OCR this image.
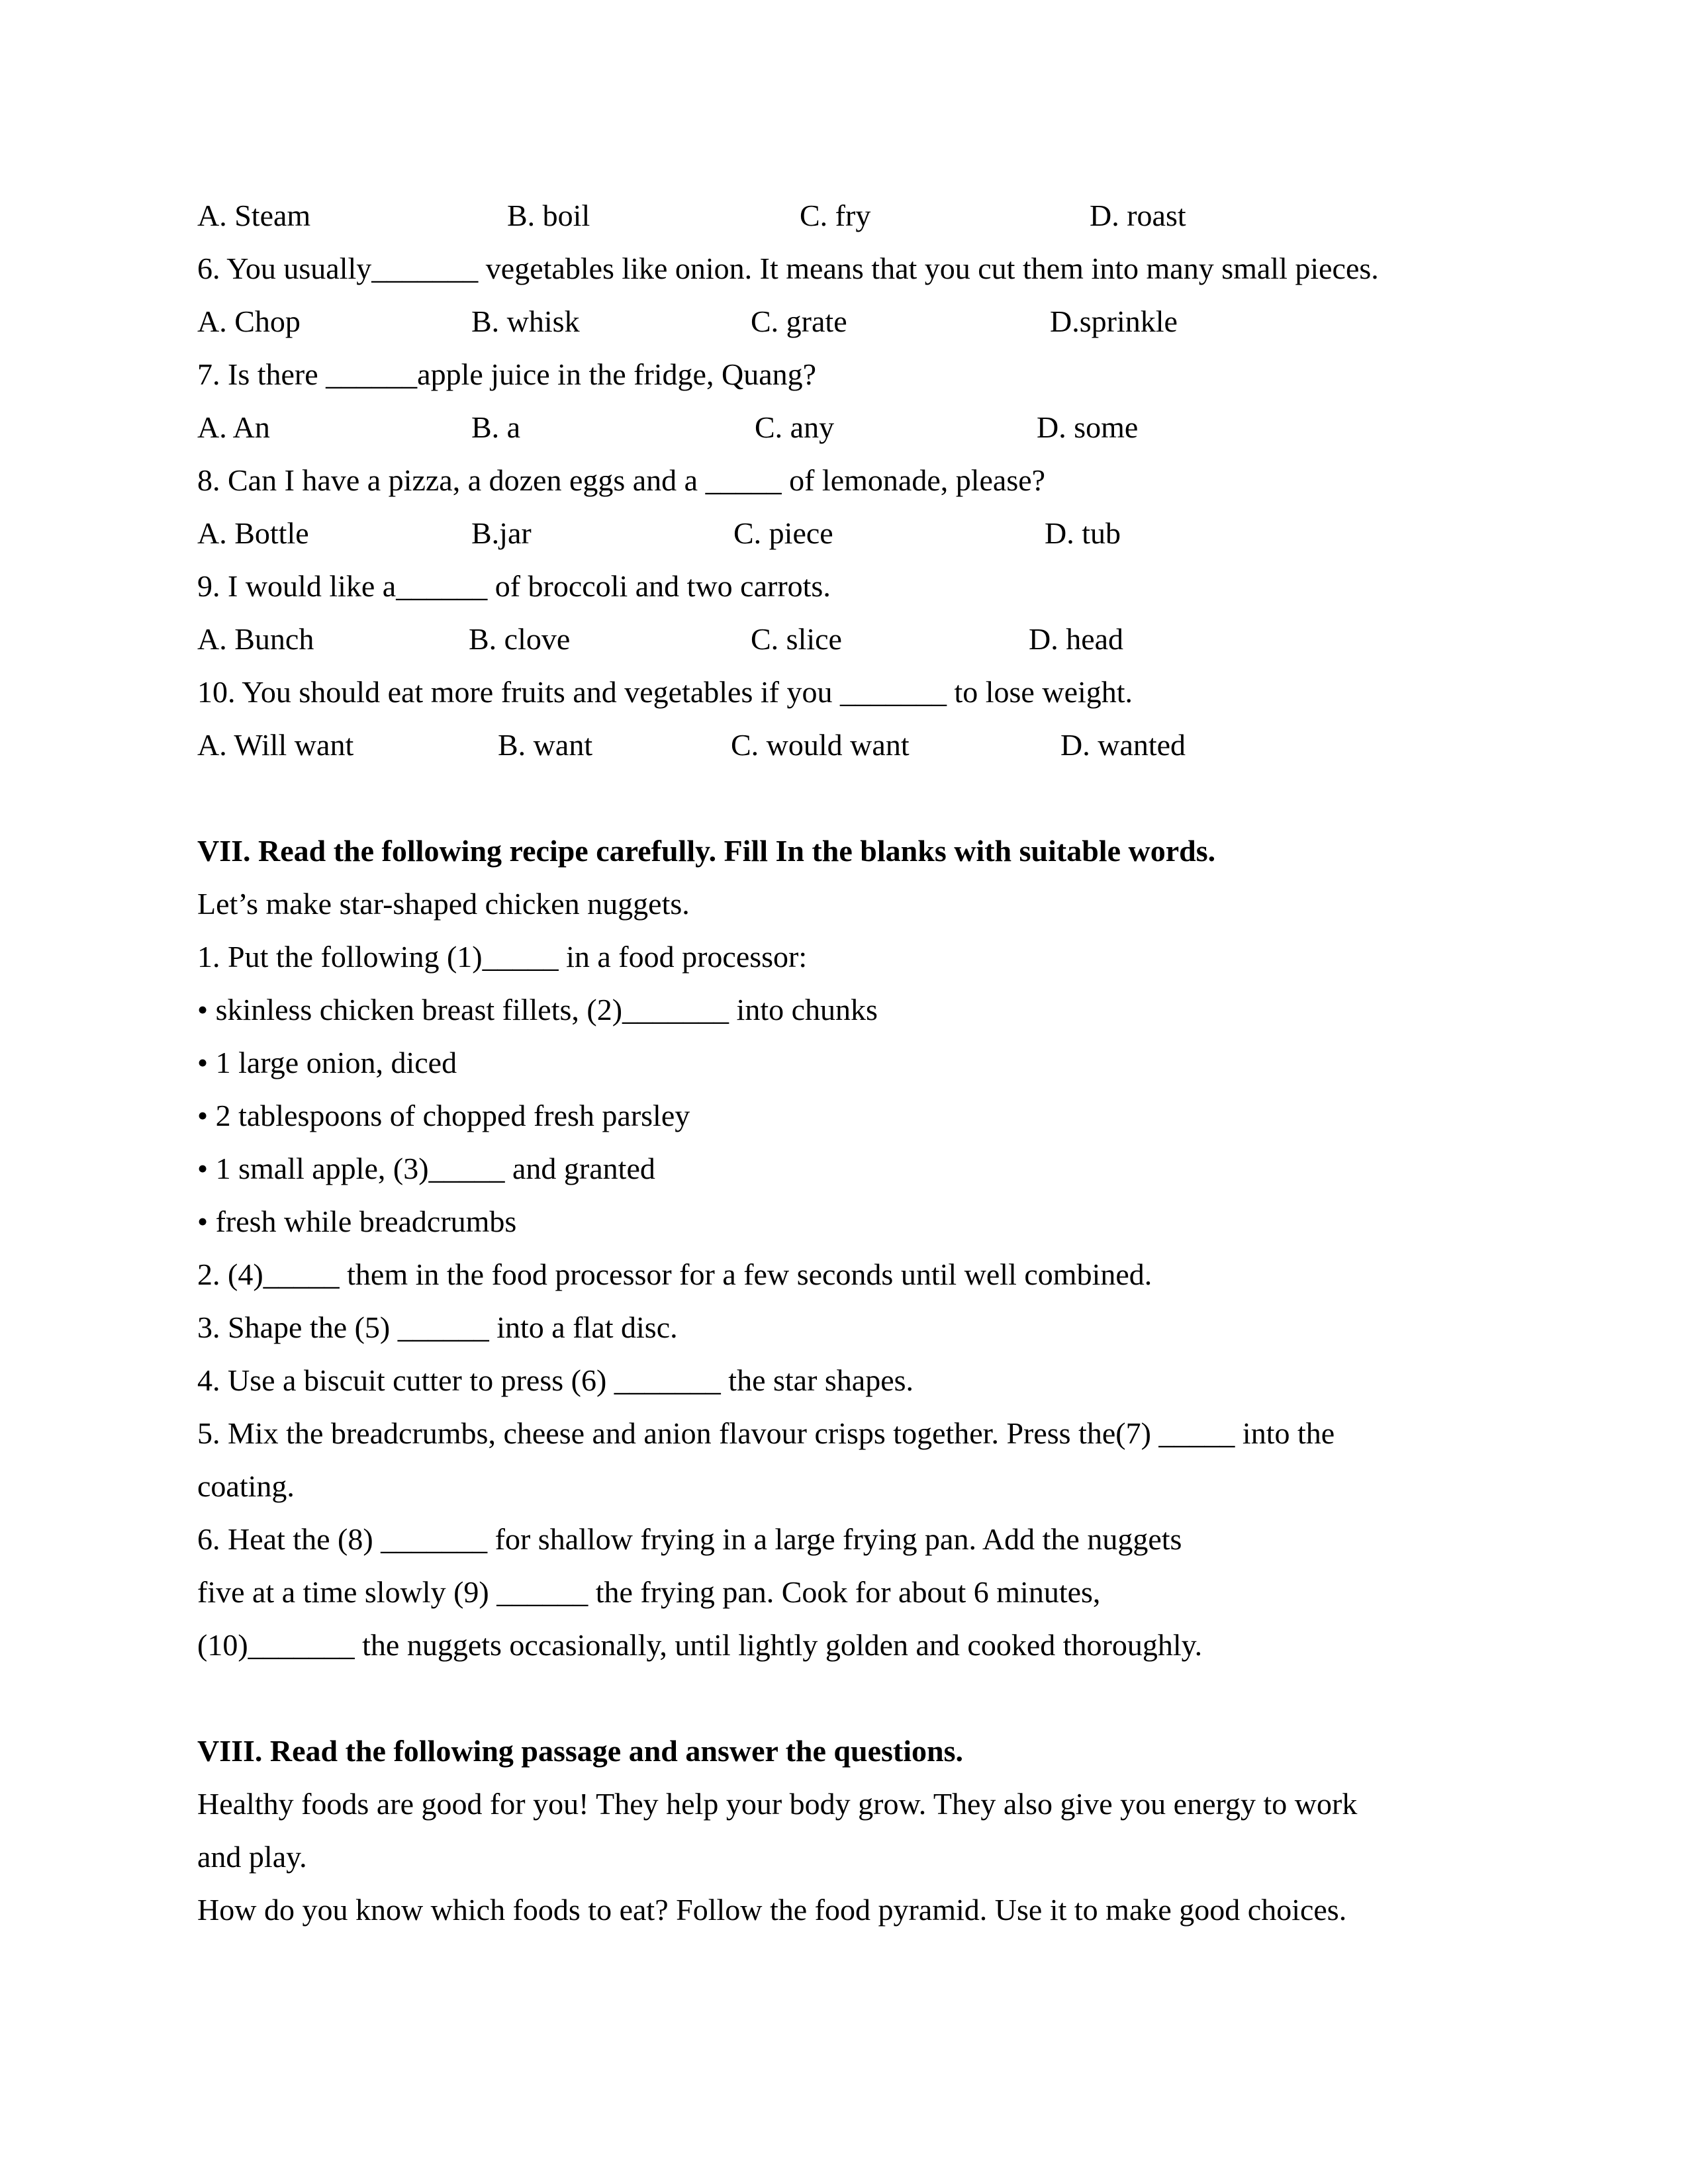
A. Steam	B. boil	C. fry	D. roast
6. You usually_______ vegetables like onion. It means that you cut them into many small pieces.
A. Chop	B. whisk	C. grate	D.sprinkle
7. Is there ______apple juice in the fridge, Quang?
A. An	B. a	C. any	D. some
8. Can I have a pizza, a dozen eggs and a _____ of lemonade, please?
A. Bottle	B.jar	C. piece	D. tub
9. I would like a______ of broccoli and two carrots.
A. Bunch	B. clove	C. slice	D. head
10. You should eat more fruits and vegetables if you _______ to lose weight.
A. Will want	B. want	C. would want	D. wanted
VII. Read the following recipe carefully. Fill In the blanks with suitable words.
Let’s make star-shaped chicken nuggets.
1. Put the following (1)_____ in a food processor:
• skinless chicken breast fillets, (2)_______ into chunks
• 1 large onion, diced
• 2 tablespoons of chopped fresh parsley
• 1 small apple, (3)_____ and granted
• fresh while breadcrumbs
2. (4)_____ them in the food processor for a few seconds until well combined.
3. Shape the (5) ______ into a flat disc.
4. Use a biscuit cutter to press (6) _______ the star shapes.
5. Mix the breadcrumbs, cheese and anion flavour crisps together. Press the(7) _____ into the
coating.
6. Heat the (8) _______ for shallow frying in a large frying pan. Add the nuggets
five at a time slowly (9) ______ the frying pan. Cook for about 6 minutes,
(10)_______ the nuggets occasionally, until lightly golden and cooked thoroughly.
VIII. Read the following passage and answer the questions.
Healthy foods are good for you! They help your body grow. They also give you energy to work
and play.
How do you know which foods to eat? Follow the food pyramid. Use it to make good choices.
